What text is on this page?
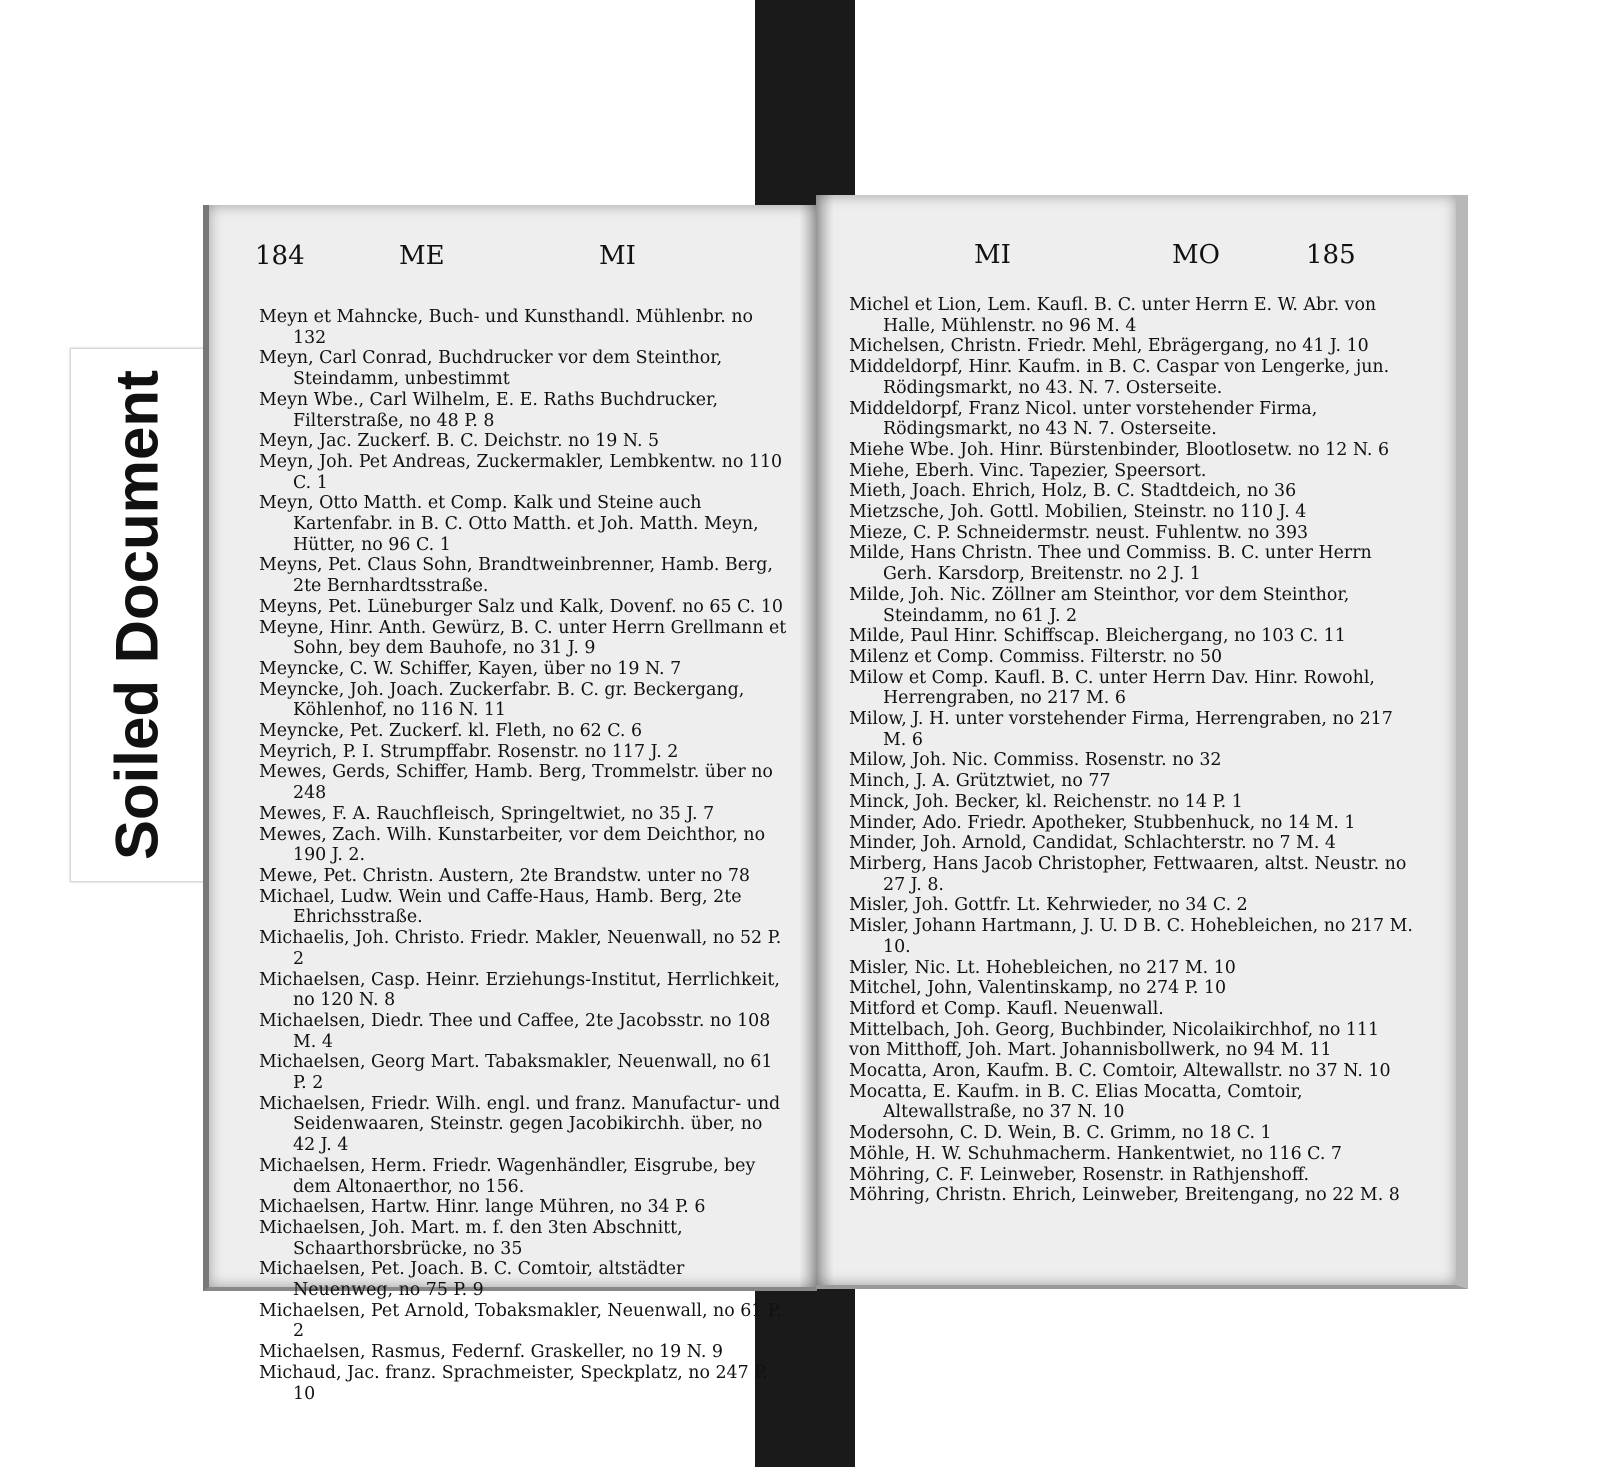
Soiled Document
184	ME	MI

Meyn et Mahncke, Buch- und Kunsthandl. Mühlenbr. no 132

Meyn, Carl Conrad, Buchdrucker vor dem Steinthor, Steindamm, unbestimmt

Meyn Wbe., Carl Wilhelm, E. E. Raths Buchdrucker, Filterstraße, no 48 P. 8

Meyn, Jac. Zuckerf. B. C. Deichstr. no 19 N. 5

Meyn, Joh. Pet Andreas, Zuckermakler, Lembkentw. no 110 C. 1

Meyn, Otto Matth. et Comp. Kalk und Steine auch Kartenfabr. in B. C. Otto Matth. et Joh. Matth. Meyn, Hütter, no 96 C. 1

Meyns, Pet. Claus Sohn, Brandtweinbrenner, Hamb. Berg, 2te Bernhardtsstraße.

Meyns, Pet. Lüneburger Salz und Kalk, Dovenf. no 65 C. 10

Meyne, Hinr. Anth. Gewürz, B. C. unter Herrn Grellmann et Sohn, bey dem Bauhofe, no 31 J. 9

Meyncke, C. W. Schiffer, Kayen, über no 19 N. 7

Meyncke, Joh. Joach. Zuckerfabr. B. C. gr. Beckergang, Köhlenhof, no 116 N. 11

Meyncke, Pet. Zuckerf. kl. Fleth, no 62 C. 6

Meyrich, P. I. Strumpffabr. Rosenstr. no 117 J. 2

Mewes, Gerds, Schiffer, Hamb. Berg, Trommelstr. über no 248

Mewes, F. A. Rauchfleisch, Springeltwiet, no 35 J. 7

Mewes, Zach. Wilh. Kunstarbeiter, vor dem Deichthor, no 190 J. 2.

Mewe, Pet. Christn. Austern, 2te Brandstw. unter no 78

Michael, Ludw. Wein und Caffe-Haus, Hamb. Berg, 2te Ehrichsstraße.

Michaelis, Joh. Christo. Friedr. Makler, Neuenwall, no 52 P. 2

Michaelsen, Casp. Heinr. Erziehungs-Institut, Herrlichkeit, no 120 N. 8

Michaelsen, Diedr. Thee und Caffee, 2te Jacobsstr. no 108 M. 4

Michaelsen, Georg Mart. Tabaksmakler, Neuenwall, no 61 P. 2

Michaelsen, Friedr. Wilh. engl. und franz. Manufactur- und Seidenwaaren, Steinstr. gegen Jacobikirchh. über, no 42 J. 4

Michaelsen, Herm. Friedr. Wagenhändler, Eisgrube, bey dem Altonaerthor, no 156.

Michaelsen, Hartw. Hinr. lange Mühren, no 34 P. 6

Michaelsen, Joh. Mart. m. f. den 3ten Abschnitt, Schaarthorsbrücke, no 35

Michaelsen, Pet. Joach. B. C. Comtoir, altstädter Neuenweg, no 75 P. 9

Michaelsen, Pet Arnold, Tobaksmakler, Neuenwall, no 61 P. 2

Michaelsen, Rasmus, Federnf. Graskeller, no 19 N. 9

Michaud, Jac. franz. Sprachmeister, Speckplatz, no 247 P. 10

MI	MO	185

Michel et Lion, Lem. Kaufl. B. C. unter Herrn E. W. Abr. von Halle, Mühlenstr. no 96 M. 4

Michelsen, Christn. Friedr. Mehl, Ebrägergang, no 41 J. 10

Middeldorpf, Hinr. Kaufm. in B. C. Caspar von Lengerke, jun. Rödingsmarkt, no 43. N. 7. Osterseite.

Middeldorpf, Franz Nicol. unter vorstehender Firma, Rödingsmarkt, no 43 N. 7. Osterseite.

Miehe Wbe. Joh. Hinr. Bürstenbinder, Blootlosetw. no 12 N. 6

Miehe, Eberh. Vinc. Tapezier, Speersort.

Mieth, Joach. Ehrich, Holz, B. C. Stadtdeich, no 36

Mietzsche, Joh. Gottl. Mobilien, Steinstr. no 110 J. 4

Mieze, C. P. Schneidermstr. neust. Fuhlentw. no 393

Milde, Hans Christn. Thee und Commiss. B. C. unter Herrn Gerh. Karsdorp, Breitenstr. no 2 J. 1

Milde, Joh. Nic. Zöllner am Steinthor, vor dem Steinthor, Steindamm, no 61 J. 2

Milde, Paul Hinr. Schiffscap. Bleichergang, no 103 C. 11

Milenz et Comp. Commiss. Filterstr. no 50

Milow et Comp. Kaufl. B. C. unter Herrn Dav. Hinr. Rowohl, Herrengraben, no 217 M. 6

Milow, J. H. unter vorstehender Firma, Herrengraben, no 217 M. 6

Milow, Joh. Nic. Commiss. Rosenstr. no 32

Minch, J. A. Grütztwiet, no 77

Minck, Joh. Becker, kl. Reichenstr. no 14 P. 1

Minder, Ado. Friedr. Apotheker, Stubbenhuck, no 14 M. 1

Minder, Joh. Arnold, Candidat, Schlachterstr. no 7 M. 4

Mirberg, Hans Jacob Christopher, Fettwaaren, altst. Neustr. no 27 J. 8.

Misler, Joh. Gottfr. Lt. Kehrwieder, no 34 C. 2

Misler, Johann Hartmann, J. U. D B. C. Hohebleichen, no 217 M. 10.

Misler, Nic. Lt. Hohebleichen, no 217 M. 10

Mitchel, John, Valentinskamp, no 274 P. 10

Mitford et Comp. Kaufl. Neuenwall.

Mittelbach, Joh. Georg, Buchbinder, Nicolaikirchhof, no 111

von Mitthoff, Joh. Mart. Johannisbollwerk, no 94 M. 11

Mocatta, Aron, Kaufm. B. C. Comtoir, Altewallstr. no 37 N. 10

Mocatta, E. Kaufm. in B. C. Elias Mocatta, Comtoir, Altewallstraße, no 37 N. 10

Modersohn, C. D. Wein, B. C. Grimm, no 18 C. 1

Möhle, H. W. Schuhmacherm. Hankentwiet, no 116 C. 7

Möhring, C. F. Leinweber, Rosenstr. in Rathjenshoff.

Möhring, Christn. Ehrich, Leinweber, Breitengang, no 22 M. 8
